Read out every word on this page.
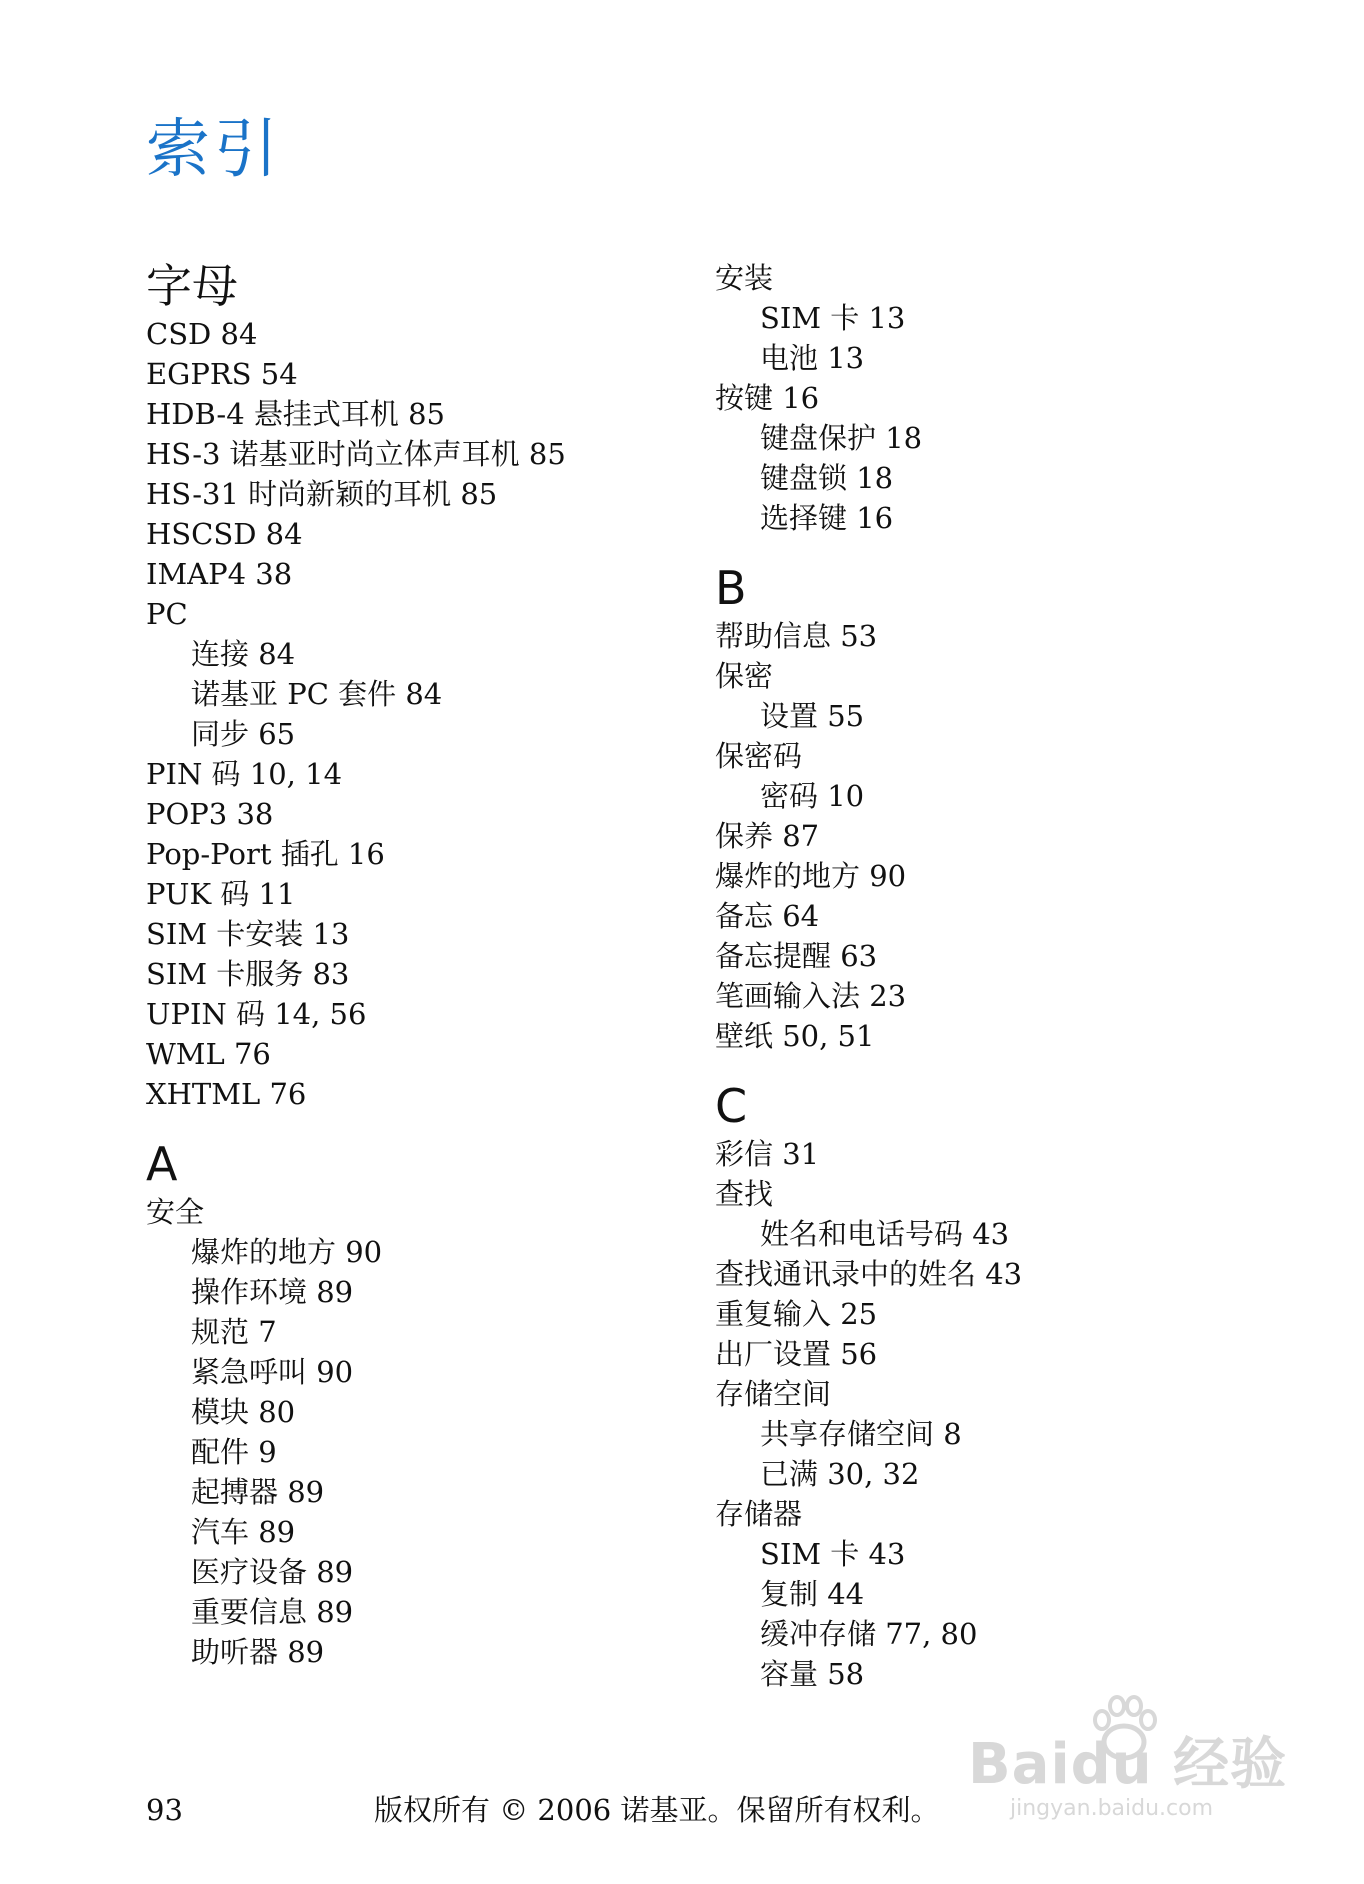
索引
字母
CSD 84
EGPRS 54
HDB-4 悬挂式耳机 85
HS-3 诺基亚时尚立体声耳机 85
HS-31 时尚新颖的耳机 85
HSCSD 84
IMAP4 38
PC
连接 84
诺基亚 PC 套件 84
同步 65
PIN 码 10, 14
POP3 38
Pop-Port 插孔 16
PUK 码 11
SIM 卡安装 13
SIM 卡服务 83
UPIN 码 14, 56
WML 76
XHTML 76
A
安全
爆炸的地方 90
操作环境 89
规范 7
紧急呼叫 90
模块 80
配件 9
起搏器 89
汽车 89
医疗设备 89
重要信息 89
助听器 89
安装
SIM 卡 13
电池 13
按键 16
键盘保护 18
键盘锁 18
选择键 16
B
帮助信息 53
保密
设置 55
保密码
密码 10
保养 87
爆炸的地方 90
备忘 64
备忘提醒 63
笔画输入法 23
壁纸 50, 51
C
彩信 31
查找
姓名和电话号码 43
查找通讯录中的姓名 43
重复输入 25
出厂设置 56
存储空间
共享存储空间 8
已满 30, 32
存储器
SIM 卡 43
复制 44
缓冲存储 77, 80
容量 58
93	版权所有 © 2006 诺基亚。保留所有权利。
Baidu 经验
jingyan.baidu.com
